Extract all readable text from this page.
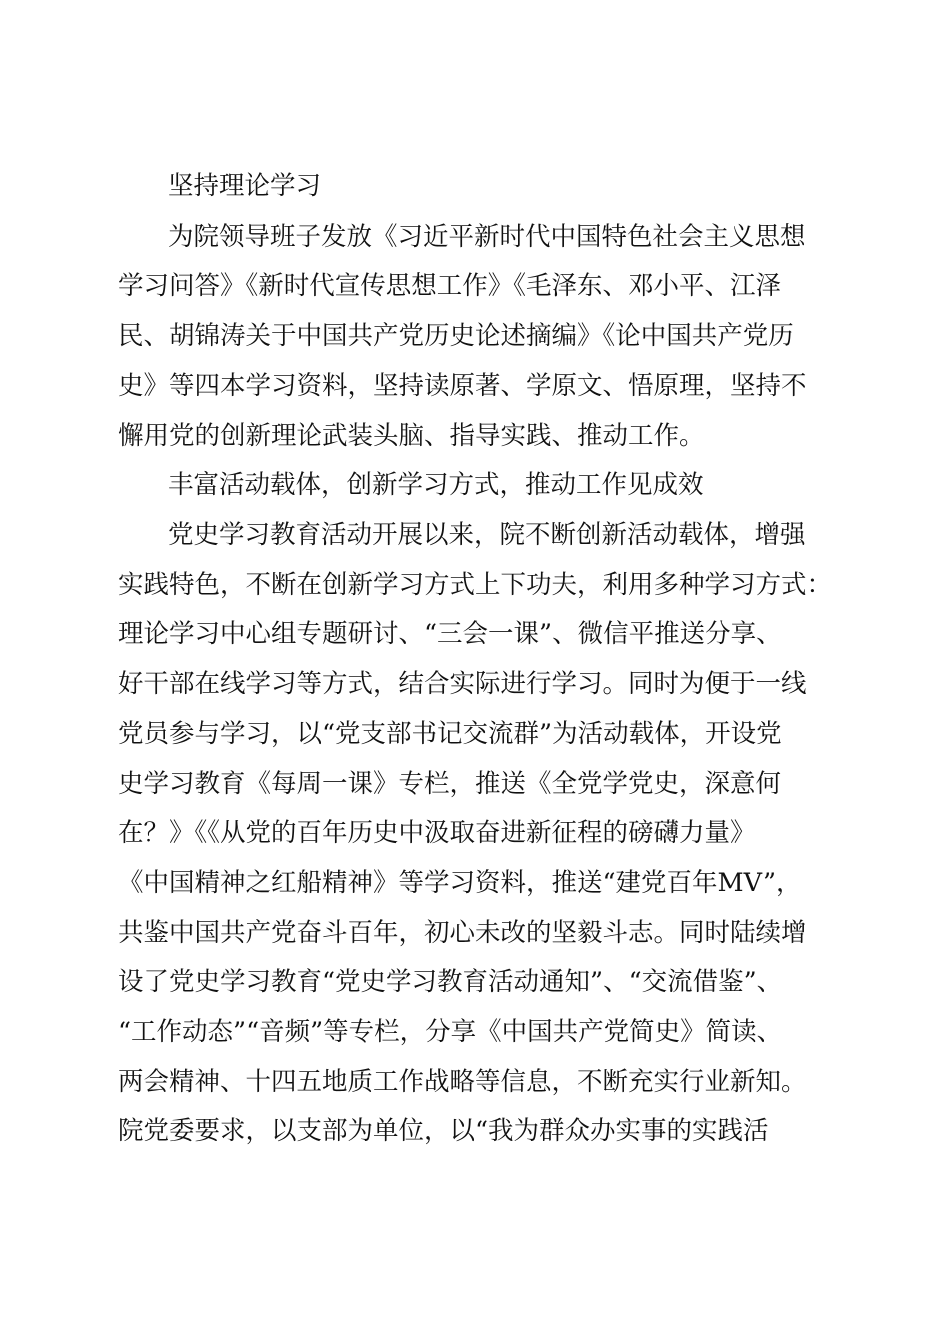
坚持理论学习
为院领导班子发放《习近平新时代中国特色社会主义思想
学习问答》《新时代宣传思想工作》《毛泽东、邓小平、江泽
民、胡锦涛关于中国共产党历史论述摘编》《论中国共产党历
史》等四本学习资料，坚持读原著、学原文、悟原理，坚持不
懈用党的创新理论武装头脑、指导实践、推动工作。
丰富活动载体，创新学习方式，推动工作见成效
党史学习教育活动开展以来，院不断创新活动载体，增强
实践特色，不断在创新学习方式上下功夫，利用多种学习方式：
理论学习中心组专题研讨、“三会一课”、微信平推送分享、
好干部在线学习等方式，结合实际进行学习。同时为便于一线
党员参与学习，以“党支部书记交流群”为活动载体，开设党
史学习教育《每周一课》专栏，推送《全党学党史，深意何
在？》《《从党的百年历史中汲取奋进新征程的磅礴力量》
《中国精神之红船精神》等学习资料，推送“建党百年MV”，
共鉴中国共产党奋斗百年，初心未改的坚毅斗志。同时陆续增
设了党史学习教育“党史学习教育活动通知”、“交流借鉴”、
“工作动态”“音频”等专栏，分享《中国共产党简史》简读、
两会精神、十四五地质工作战略等信息，不断充实行业新知。
院党委要求，以支部为单位，以“我为群众办实事的实践活
